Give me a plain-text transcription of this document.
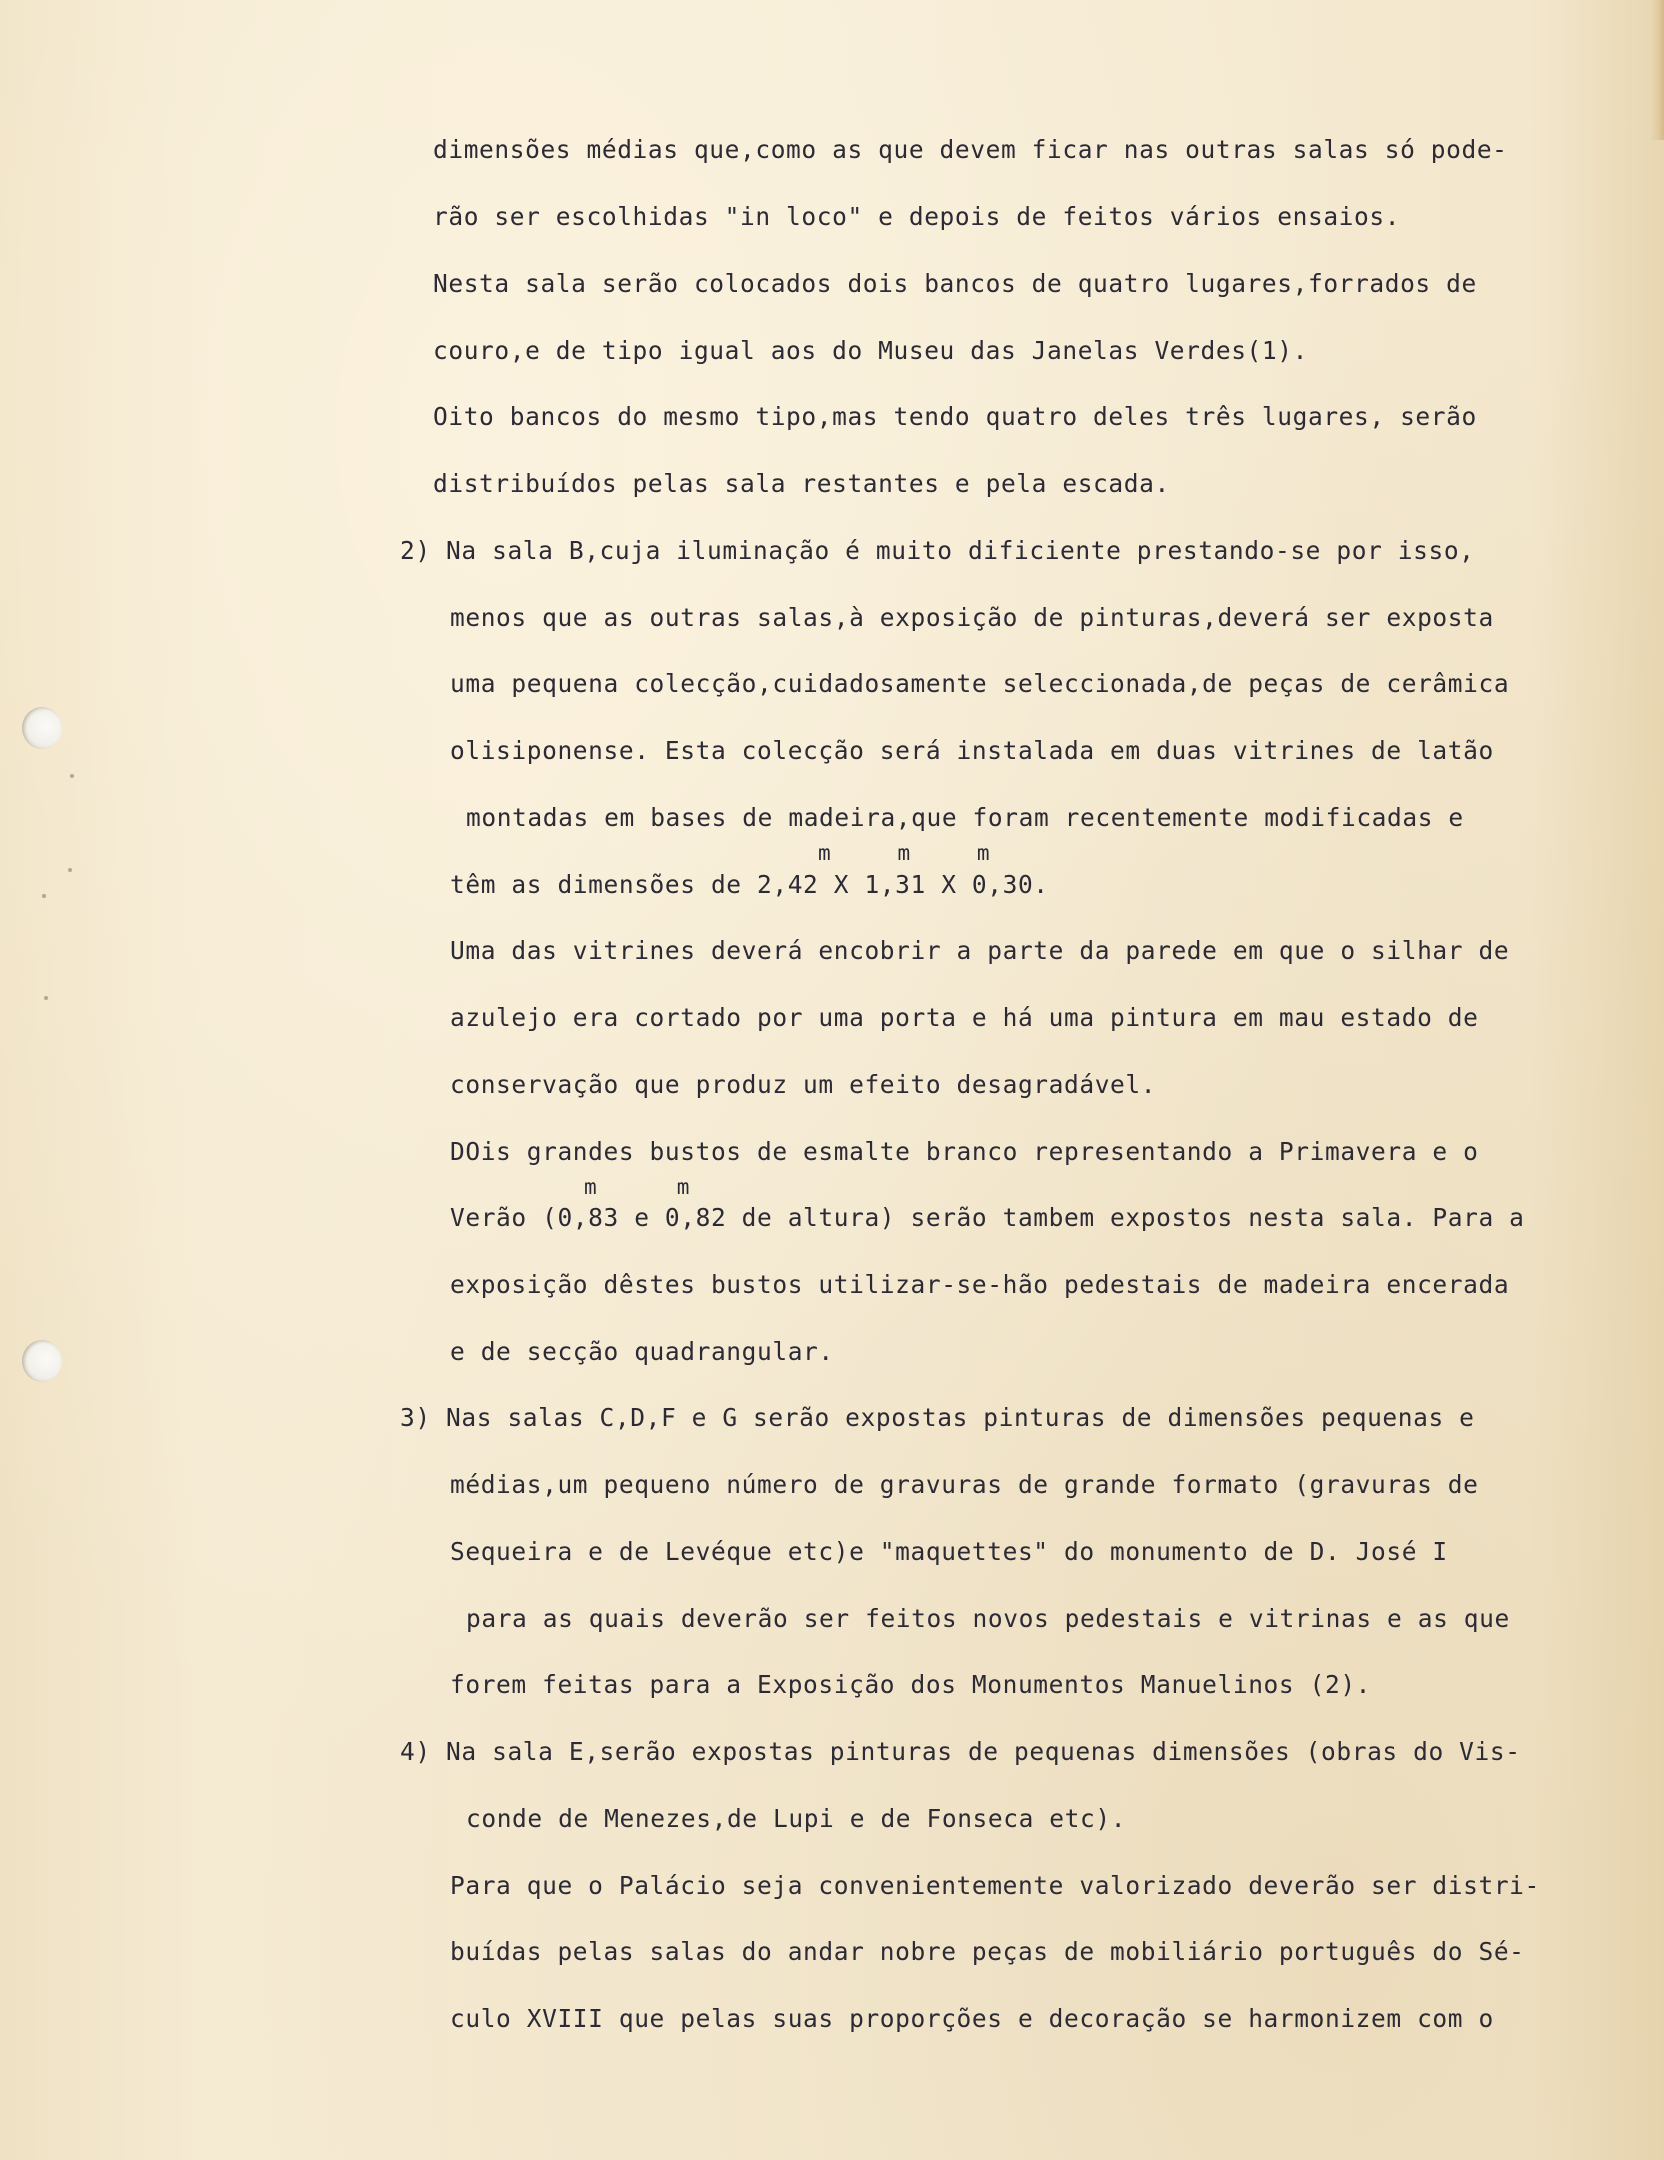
dimensões médias que,como as que devem ficar nas outras salas só pode-

rão ser escolhidas "in loco" e depois de feitos vários ensaios.

Nesta sala serão colocados dois bancos de quatro lugares,forrados de

couro,e de tipo igual aos do Museu das Janelas Verdes(1).

Oito bancos do mesmo tipo,mas tendo quatro deles três lugares, serão

distribuídos pelas sala restantes e pela escada.

2) Na sala B,cuja iluminação é muito dificiente prestando-se por isso,

menos que as outras salas,à exposição de pinturas,deverá ser exposta

uma pequena colecção,cuidadosamente seleccionada,de peças de cerâmica

olisiponense. Esta colecção será instalada em duas vitrines de latão

montadas em bases de madeira,que foram recentemente modificadas e

m     m     m

têm as dimensões de 2,42 X 1,31 X 0,30.

Uma das vitrines deverá encobrir a parte da parede em que o silhar de

azulejo era cortado por uma porta e há uma pintura em mau estado de

conservação que produz um efeito desagradável.

DOis grandes bustos de esmalte branco representando a Primavera e o

m      m

Verão (0,83 e 0,82 de altura) serão tambem expostos nesta sala. Para a

exposição dêstes bustos utilizar-se-hão pedestais de madeira encerada

e de secção quadrangular.

3) Nas salas C,D,F e G serão expostas pinturas de dimensões pequenas e

médias,um pequeno número de gravuras de grande formato (gravuras de

Sequeira e de Levéque etc)e "maquettes" do monumento de D. José I

para as quais deverão ser feitos novos pedestais e vitrinas e as que

forem feitas para a Exposição dos Monumentos Manuelinos (2).

4) Na sala E,serão expostas pinturas de pequenas dimensões (obras do Vis-

conde de Menezes,de Lupi e de Fonseca etc).

Para que o Palácio seja convenientemente valorizado deverão ser distri-

buídas pelas salas do andar nobre peças de mobiliário português do Sé-

culo XVIII que pelas suas proporções e decoração se harmonizem com o
